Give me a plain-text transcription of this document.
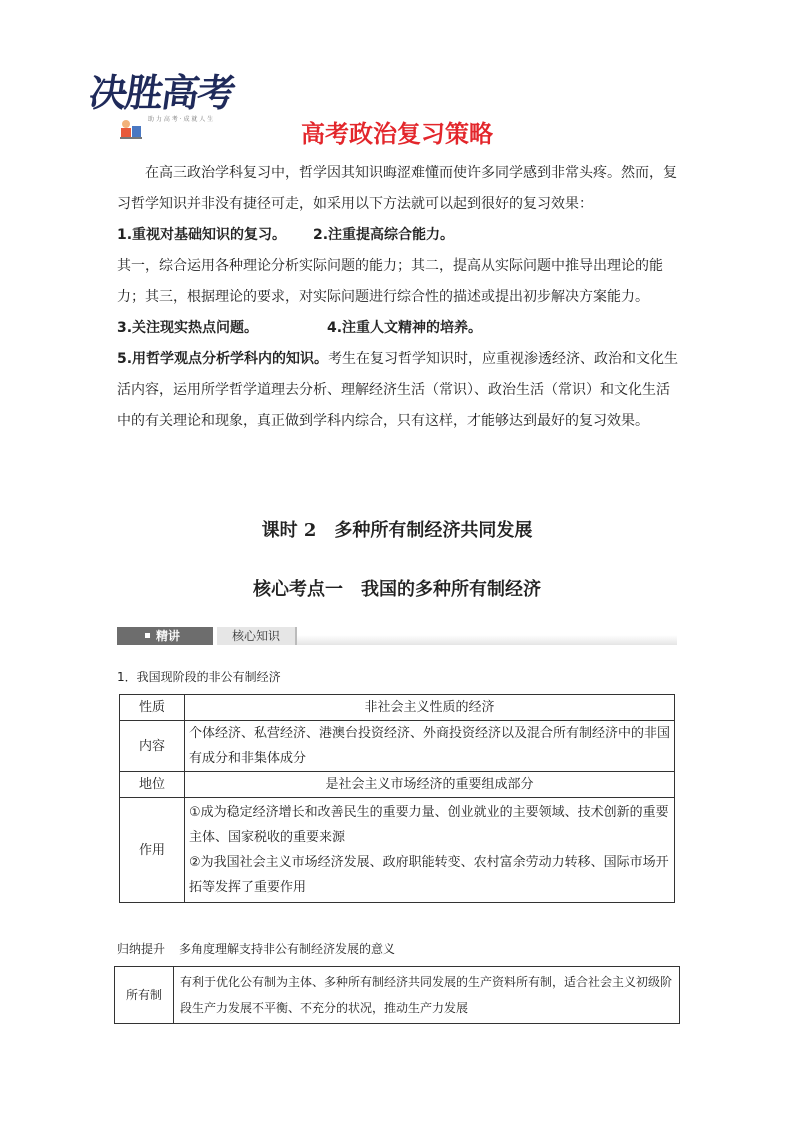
决胜高考
助 力 高 考 · 成 就 人 生
高考政治复习策略

在高三政治学科复习中，哲学因其知识晦涩难懂而使许多同学感到非常头疼。然而，复习哲学知识并非没有捷径可走，如采用以下方法就可以起到很好的复习效果：

1.重视对基础知识的复习。 2.注重提高综合能力。

其一，综合运用各种理论分析实际问题的能力；其二，提高从实际问题中推导出理论的能力；其三，根据理论的要求，对实际问题进行综合性的描述或提出初步解决方案能力。

3.关注现实热点问题。	4.注重人文精神的培养。

5.用哲学观点分析学科内的知识。考生在复习哲学知识时，应重视渗透经济、政治和文化生活内容，运用所学哲学道理去分析、理解经济生活（常识）、政治生活（常识）和文化生活中的有关理论和现象，真正做到学科内综合，只有这样，才能够达到最好的复习效果。

课时 2　多种所有制经济共同发展
核心考点一　我国的多种所有制经济
精讲	核心知识
1．我国现阶段的非公有制经济
性质	非社会主义性质的经济
内容	个体经济、私营经济、港澳台投资经济、外商投资经济以及混合所有制经济中的非国有成分和非集体成分
地位	是社会主义市场经济的重要组成部分
作用	①成为稳定经济增长和改善民生的重要力量、创业就业的主要领域、技术创新的重要主体、国家税收的重要来源
②为我国社会主义市场经济发展、政府职能转变、农村富余劳动力转移、国际市场开拓等发挥了重要作用
归纳提升 多角度理解支持非公有制经济发展的意义
所有制	有利于优化公有制为主体、多种所有制经济共同发展的生产资料所有制，适合社会主义初级阶段生产力发展不平衡、不充分的状况，推动生产力发展
